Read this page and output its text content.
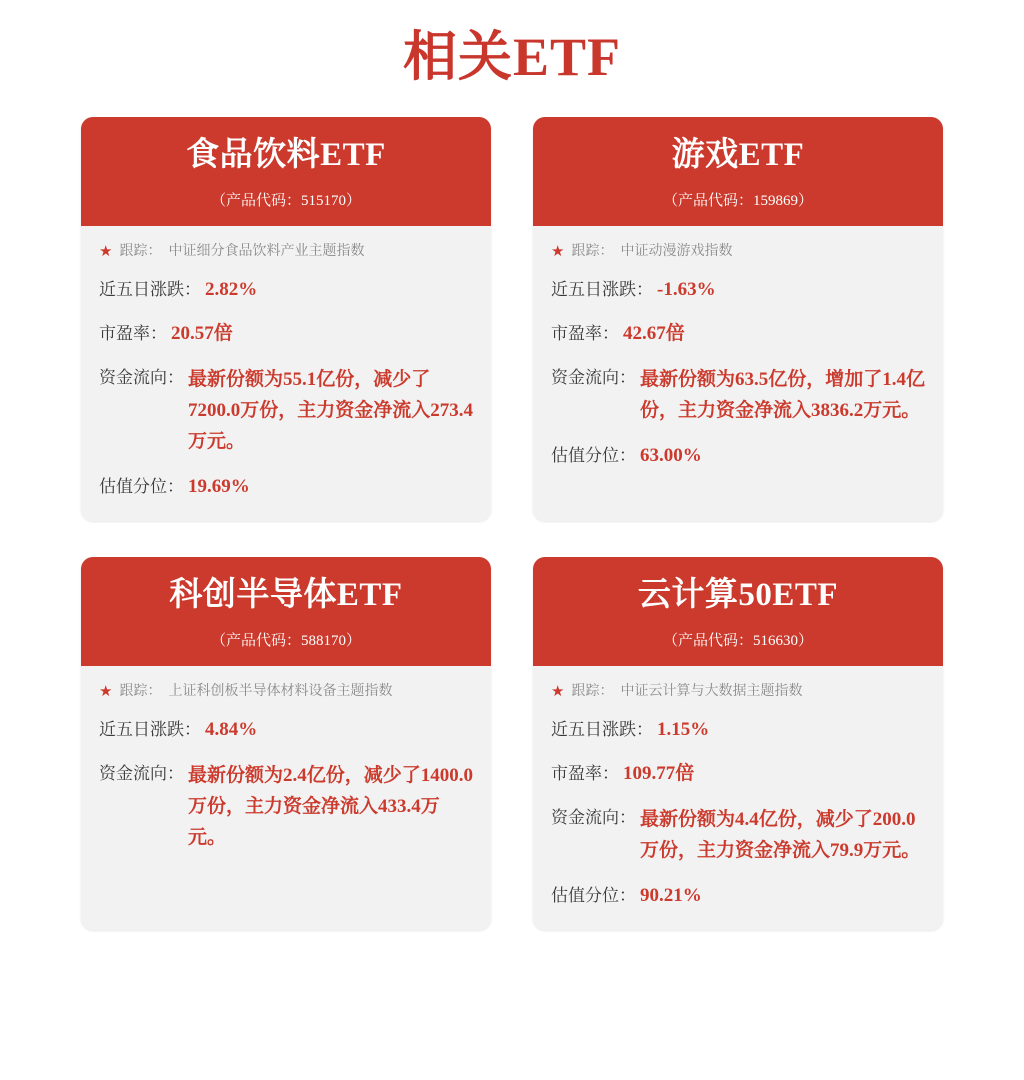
相关ETF
食品饮料ETF
（产品代码：515170）
★ 跟踪： 中证细分食品饮料产业主题指数
近五日涨跌： 2.82%
市盈率： 20.57倍
资金流向： 最新份额为55.1亿份，减少了7200.0万份，主力资金净流入273.4万元。
估值分位： 19.69%
游戏ETF
（产品代码：159869）
★ 跟踪： 中证动漫游戏指数
近五日涨跌： -1.63%
市盈率： 42.67倍
资金流向： 最新份额为63.5亿份，增加了1.4亿份，主力资金净流入3836.2万元。
估值分位： 63.00%
科创半导体ETF
（产品代码：588170）
★ 跟踪： 上证科创板半导体材料设备主题指数
近五日涨跌： 4.84%
资金流向： 最新份额为2.4亿份，减少了1400.0万份，主力资金净流入433.4万元。
云计算50ETF
（产品代码：516630）
★ 跟踪： 中证云计算与大数据主题指数
近五日涨跌： 1.15%
市盈率： 109.77倍
资金流向： 最新份额为4.4亿份，减少了200.0万份，主力资金净流入79.9万元。
估值分位： 90.21%
